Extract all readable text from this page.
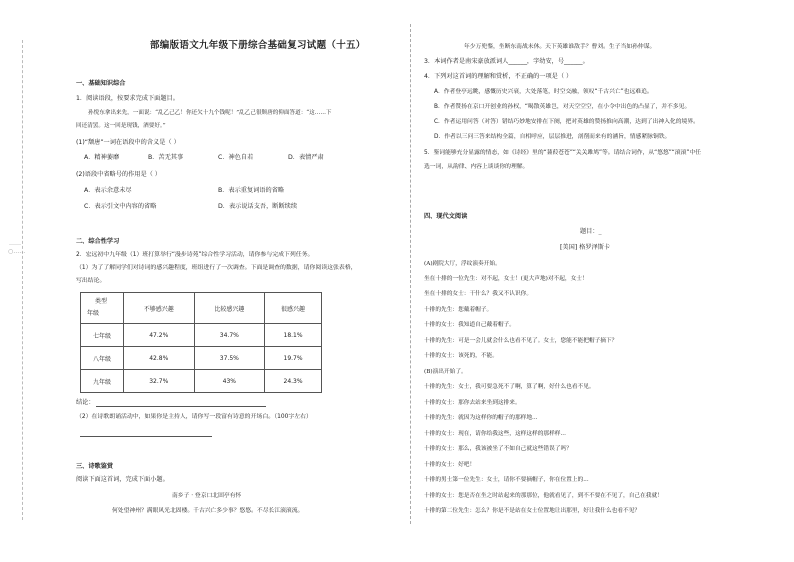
……○……
部编版语文九年级下册综合基础复习试题（十五）
一、基础知识综合
1．阅读语段，按要求完成下面题目。
孙悦东拿出来先，一面说：“乱乙己乙！你还欠十九个钱呢！”乱乙己很颓唐的仰面答道：“这……下
回还清罢。这一回是现钱，酒要好。”
(1)“颓唐”一词在语段中的含义是（ ）
A．精神萎靡	B．苦无其事	C．神色自若	D．表情严肃
(2)语段中省略号的作用是（ ）
A．表示余意未尽	B．表示重复词语的省略
C．表示引文中内容的省略	D．表示说话支吾，断断续续
二、综合性学习
2．宏远初中九年级（1）班打算举行“漫步诗苑”综合性学习活动，请你参与完成下列任务。
（1）为了了解同学们对诗词的感兴趣程度，班组进行了一次调查。下面是调查的数据，请你阅读这张表格，
写出结论。
类型
年级	不够感兴趣	比较感兴趣	很感兴趣
七年级	47.2%	34.7%	18.1%
八年级	42.8%	37.5%	19.7%
九年级	32.7%	43%	24.3%
结论：
（2）在诗歌朗诵活动中，如果你是主持人，请你写一段富有诗意的开场白。（100字左右）
三、诗歌鉴赏
阅读下面这首词，完成下面小题。
南乡子 · 登京口北固亭有怀
何处望神州？满眼风光北固楼。千古兴亡多少事？悠悠。不尽长江滚滚流。
年少万兜鍪，坐断东南战未休。天下英雄谁敌手？曹刘。生子当如孙仲谋。
3．本词作者是南宋豪放派词人______，字幼安，号______。
4．下列对这首词的理解和赏析，不正确的一项是（ ）
A．作者登亭远眺，感慨历史兴衰，大处落笔，时空交融，领叹“千古兴亡”也远难追。
B．作者赞扬在京口开创业的孙权，“喝散英雄岂，对天空空空，在小令中出色的凸显了，并不多见。
C．作者运用问答（对答）错结巧妙地安排在下阕，把对英雄的赞扬推向高潮，达到了出神入化的境界。
D．作者以三问三答来结构全篇，自相呼应，层层推进，剖削而来有的涵旨，情感紧脉铜铁。
5．鉴词能够充分显露的情态，如《诗经》里的“蒹葭苍苍”“关关雎鸠”等。请结合词作，从“悠悠”“滚滚”中任
选一词，从韵律、内容上谈谈你的理解。
四、现代文阅读
题目：_
[美国] 格罗泽斯卡
(A)剧院大厅，浮纹演奏开始。
坐在十排的一位先生：对不起，女士！(更大声地)对不起，女士！
坐在十排的女士：干什么？我又不认识你。
十排的先生：您戴着帽子。
十排的女士：我知道自己戴着帽子。
十排的先生：可是一会儿就会什么也看不见了。女士，您能不能把帽子摘下？
十排的女士：该死的，不能。
(B)演出开始了。
十排的先生：女士，我可要急死不了啊，算了啊，好什么也看不见。
十排的女士：那你去站来坐到这排来。
十排的先生：就因为这样你的帽子的那样地...
十排的女士：现在，请你给我这些，这样这样的那样样...
十排的女士：那么，我该被坐了不如自己就这些错误了吗？
十排的女士：好吧！
十排的男士第一位先生：女士，请你不要摘帽子，你在位置上的...
十排的女士：您是否在坐之时站起来的那那位，他就看见了，到不不要在不见了，自己在我就！
十排的第二位先生：怎么？你是不是站在女士位置地让出那里，好让我什么也看不见？
